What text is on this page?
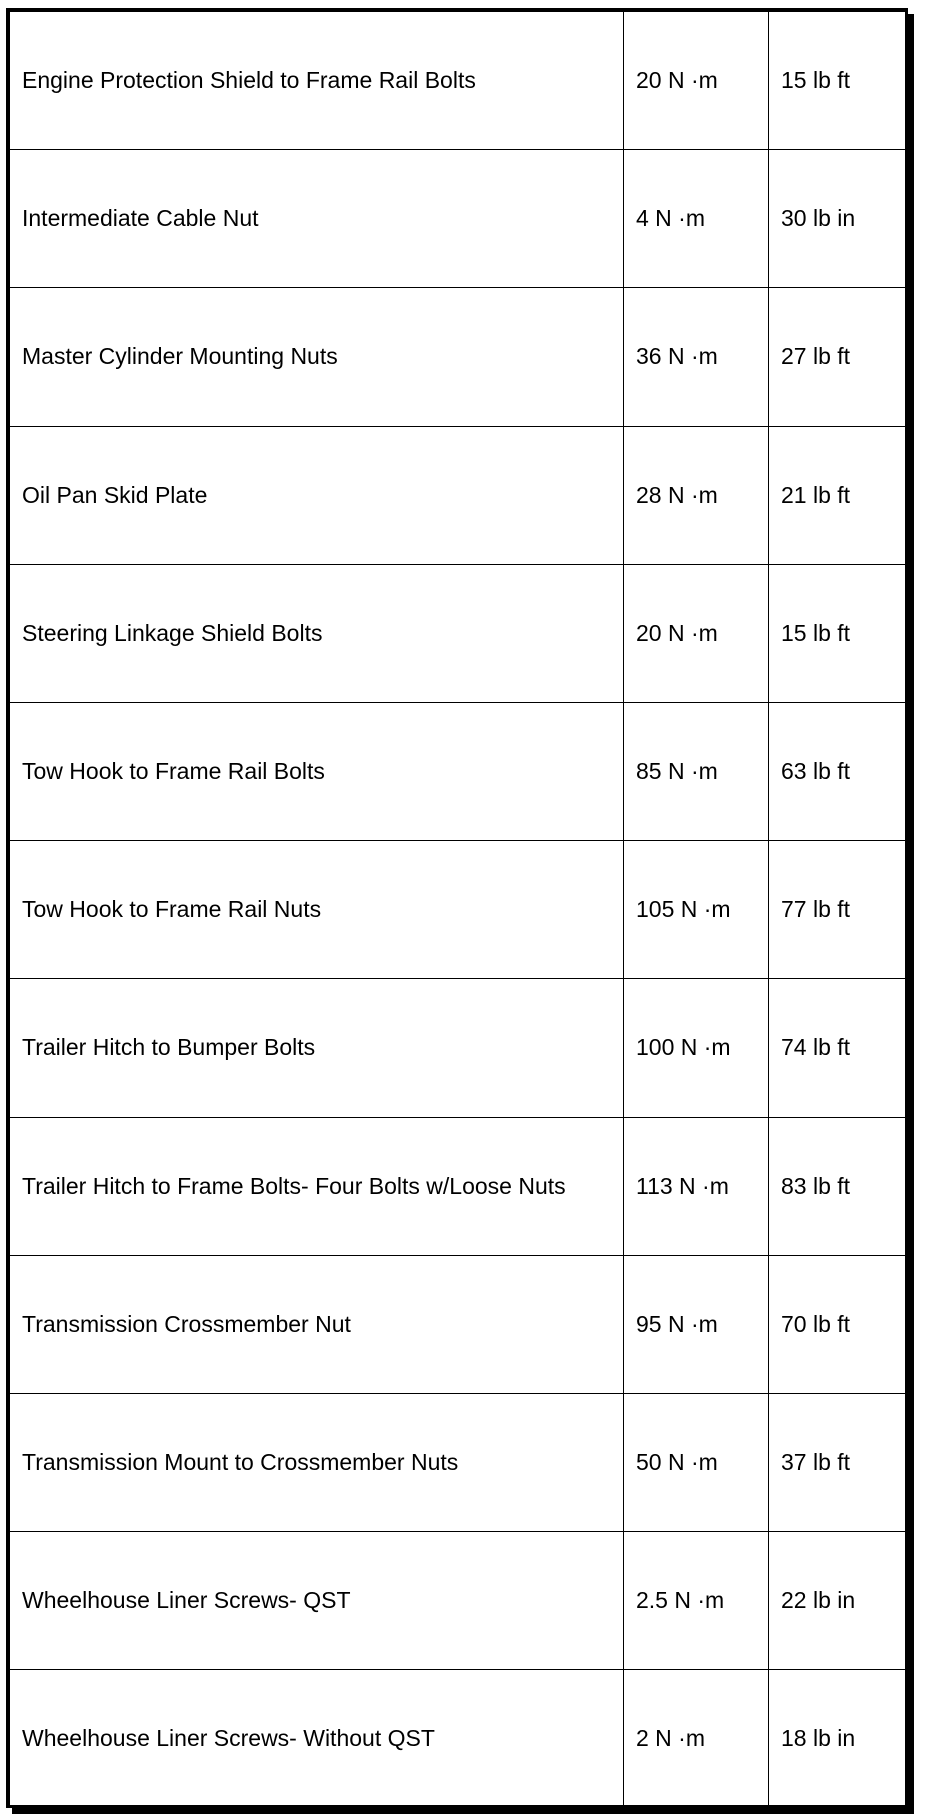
Engine Protection Shield to Frame Rail Bolts	20 N ·m	15 lb ft
Intermediate Cable Nut	4 N ·m	30 lb in
Master Cylinder Mounting Nuts	36 N ·m	27 lb ft
Oil Pan Skid Plate	28 N ·m	21 lb ft
Steering Linkage Shield Bolts	20 N ·m	15 lb ft
Tow Hook to Frame Rail Bolts	85 N ·m	63 lb ft
Tow Hook to Frame Rail Nuts	105 N ·m	77 lb ft
Trailer Hitch to Bumper Bolts	100 N ·m	74 lb ft
Trailer Hitch to Frame Bolts- Four Bolts w/Loose Nuts	113 N ·m	83 lb ft
Transmission Crossmember Nut	95 N ·m	70 lb ft
Transmission Mount to Crossmember Nuts	50 N ·m	37 lb ft
Wheelhouse Liner Screws- QST	2.5 N ·m	22 lb in
Wheelhouse Liner Screws- Without QST	2 N ·m	18 lb in
